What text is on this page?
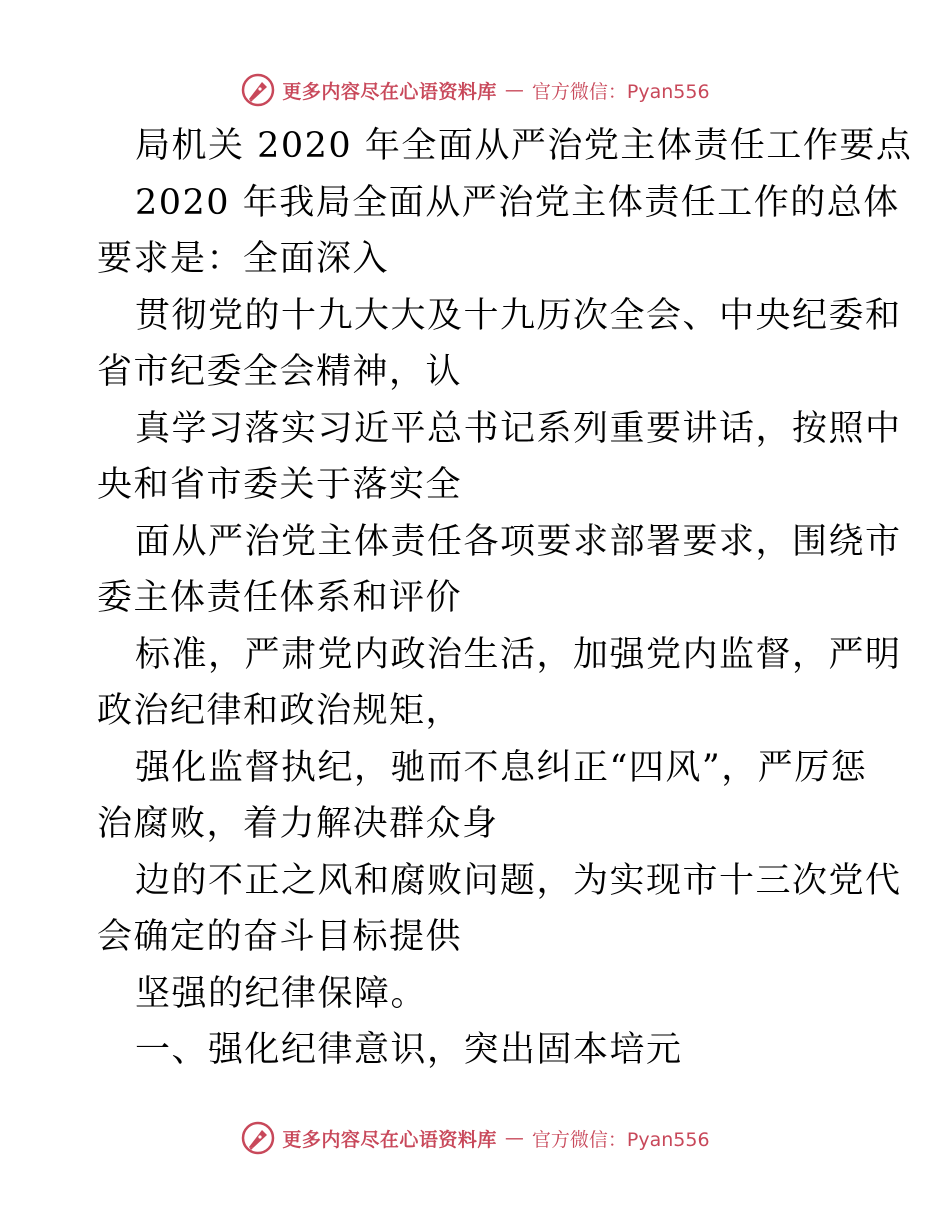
更多内容尽在心语资料库 — 官方微信：Pyan556
局机关 2020 年全面从严治党主体责任工作要点
2020 年我局全面从严治党主体责任工作的总体
要求是：全面深入
贯彻党的十九大大及十九历次全会、中央纪委和
省市纪委全会精神，认
真学习落实习近平总书记系列重要讲话，按照中
央和省市委关于落实全
面从严治党主体责任各项要求部署要求，围绕市
委主体责任体系和评价
标准，严肃党内政治生活，加强党内监督，严明
政治纪律和政治规矩，
强化监督执纪，驰而不息纠正“四风”，严厉惩
治腐败，着力解决群众身
边的不正之风和腐败问题，为实现市十三次党代
会确定的奋斗目标提供
坚强的纪律保障。
一、强化纪律意识，突出固本培元
更多内容尽在心语资料库 — 官方微信：Pyan556
